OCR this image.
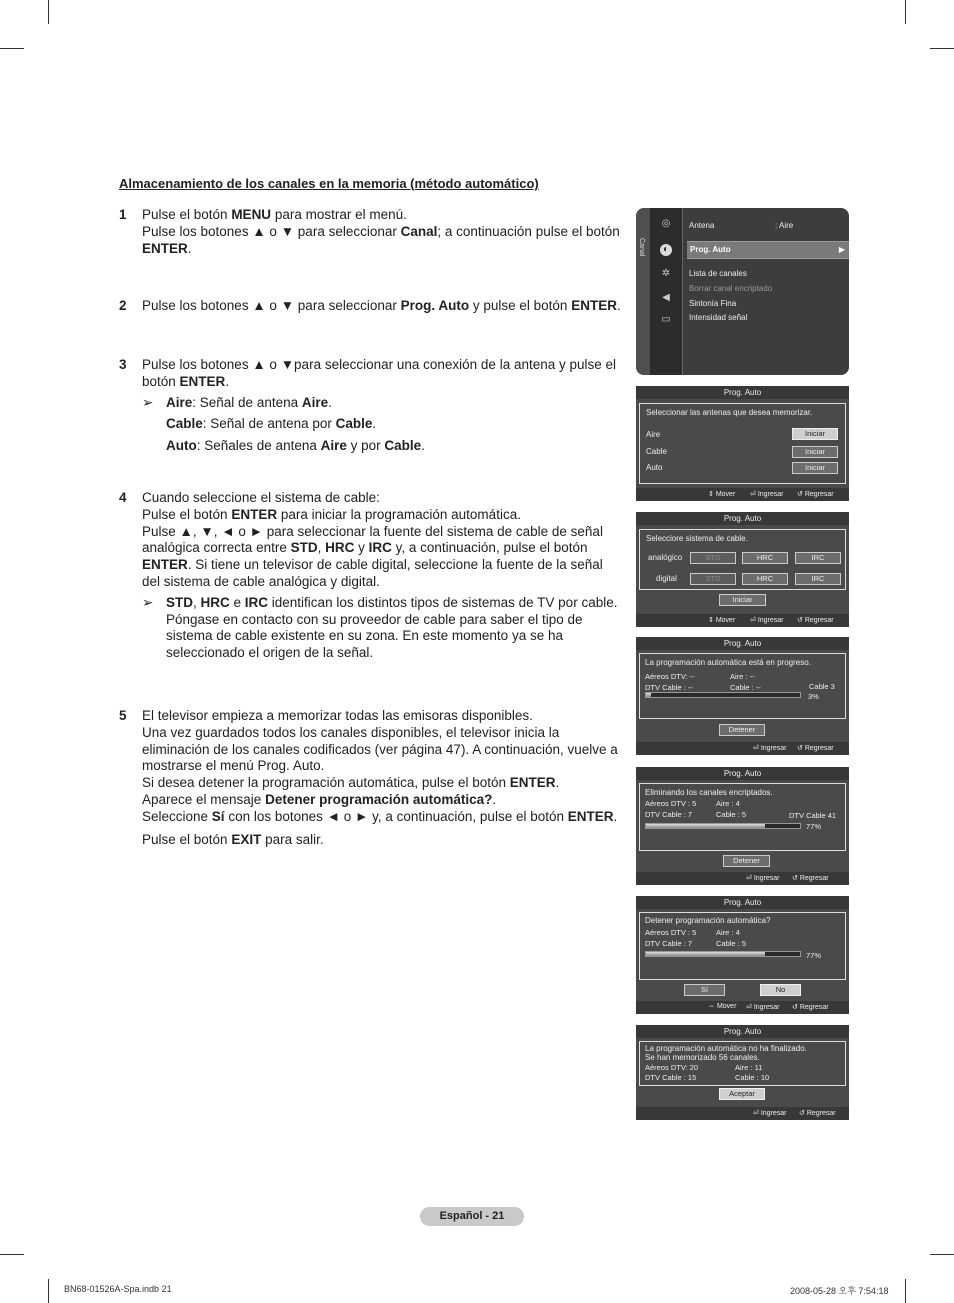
Almacenamiento de los canales en la memoria (método automático)
1 Pulse el botón MENU para mostrar el menú.
Pulse los botones ▲ o ▼ para seleccionar Canal; a continuación pulse el botón ENTER.

2 Pulse los botones ▲ o ▼ para seleccionar Prog. Auto y pulse el botón ENTER.

3 Pulse los botones ▲ o ▼para seleccionar una conexión de la antena y pulse el botón ENTER.

➢ Aire: Señal de antena Aire.

Cable: Señal de antena por Cable.

Auto: Señales de antena Aire y por Cable.

4 Cuando seleccione el sistema de cable:
Pulse el botón ENTER para iniciar la programación automática.
Pulse ▲, ▼, ◄ o ► para seleccionar la fuente del sistema de cable de señal analógica correcta entre STD, HRC y IRC y, a continuación, pulse el botón ENTER. Si tiene un televisor de cable digital, seleccione la fuente de la señal del sistema de cable analógica y digital.

➢ STD, HRC e IRC identifican los distintos tipos de sistemas de TV por cable. Póngase en contacto con su proveedor de cable para saber el tipo de sistema de cable existente en su zona. En este momento ya se ha seleccionado el origen de la señal.

5 El televisor empieza a memorizar todas las emisoras disponibles.
Una vez guardados todos los canales disponibles, el televisor inicia la eliminación de los canales codificados (ver página 47). A continuación, vuelve a mostrarse el menú Prog. Auto.
Si desea detener la programación automática, pulse el botón ENTER.
Aparece el mensaje Detener programación automática?.
Seleccione Sí con los botones ◄ o ► y, a continuación, pulse el botón ENTER.

Pulse el botón EXIT para salir.

Canal
◎
◐
✲
◀
▭
Antena	: Aire
Prog. Auto	▶
Lista de canales
Borrar canal encriptado
Sintonía Fina
Intensidad señal
Prog. Auto
Seleccionar las antenas que desea memorizar.
Aire	Iniciar
Cable	Iniciar
Auto	Iniciar
⇕ Mover ⏎ Ingresar ↺ Regresar
Prog. Auto
Selecciore sistema de cable.
analógico	STD	HRC	IRC
digital	STD	HRC	IRC
Iniciar
⇕ Mover ⏎ Ingresar ↺ Regresar
Prog. Auto
La programación automática está en progreso.
Aéreos DTV: --	Aire : --
DTV Cable : --	Cable : --	Cable 3
3%
Detener
⏎ Ingresar ↺ Regresar
Prog. Auto
Eliminando los canales encriptados.
Aéreos DTV : 5	Aire : 4
DTV Cable : 7	Cable : 5	DTV Cable 41
77%
Detener
⏎ Ingresar ↺ Regresar
Prog. Auto
Detener programación automática?
Aéreos DTV : 5	Aire : 4
DTV Cable : 7	Cable : 5
77%
Sí	No
⇔ Mover ⏎ Ingresar ↺ Regresar
Prog. Auto
La programación automática no ha finalizado.
Se han memorizado 56 canales.
Aéreos DTV: 20	Aire : 11
DTV Cable : 15	Cable : 10
Aceptar
⏎ Ingresar ↺ Regresar
Español - 21
BN68-01526A-Spa.indb 21	2008-05-28 오후 7:54:18
